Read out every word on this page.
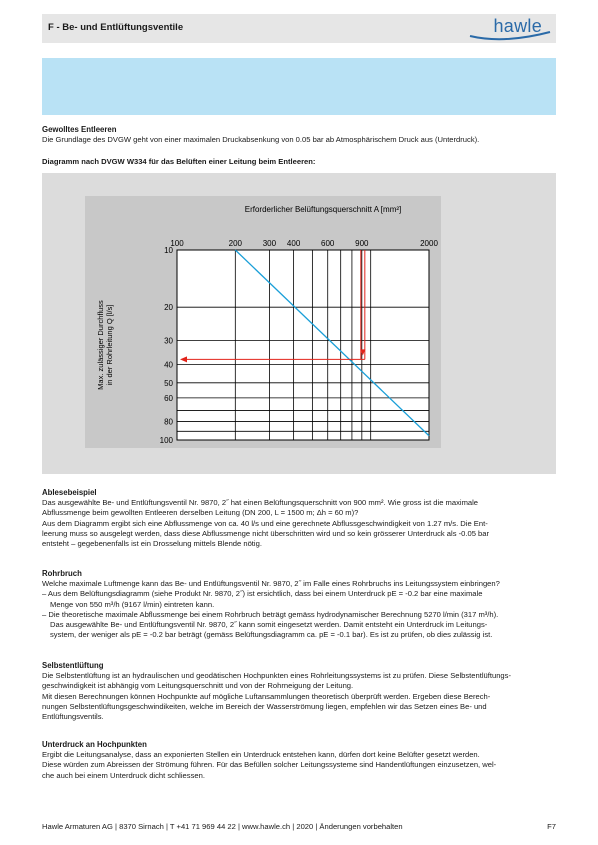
F - Be- und Entlüftungsventile	hawle
Gewolltes Entleeren

Die Grundlage des DVGW geht von einer maximalen Druckabsenkung von 0.05 bar ab Atmosphärischem Druck aus (Unterdruck).

Diagramm nach DVGW W334 für das Belüften einer Leitung beim Entleeren:
100	200	300 400	600	900	2000
10
20
30
40
50
60
80
100
Erforderlicher Belüftungsquerschnitt A [mm²]
Max. zulässiger Durchfluss in der Rohrleitung Q [l/s]
Ablesebeispiel

Das ausgewählte Be- und Entlüftungsventil Nr. 9870, 2˝ hat einen Belüftungsquerschnitt von 900 mm². Wie gross ist die maximale

Abflussmenge beim gewollten Entleeren derselben Leitung (DN 200, L = 1500 m; Δh = 60 m)?

Aus dem Diagramm ergibt sich eine Abflussmenge von ca. 40 l/s und eine gerechnete Abflussgeschwindigkeit von 1.27 m/s. Die Ent-

leerung muss so ausgelegt werden, dass diese Abflussmenge nicht überschritten wird und so kein grösserer Unterdruck als -0.05 bar

entsteht – gegebenenfalls ist ein Drosselung mittels Blende nötig.

Rohrbruch

Welche maximale Luftmenge kann das Be- und Entlüftungsventil Nr. 9870, 2˝ im Falle eines Rohrbruchs ins Leitungssystem einbringen?

– Aus dem Belüftungsdiagramm (siehe Produkt Nr. 9870, 2˝) ist ersichtlich, dass bei einem Unterdruck pE = -0.2 bar eine maximale

Menge von 550 m³/h (9167 l/min) eintreten kann.

– Die theoretische maximale Abflussmenge bei einem Rohrbruch beträgt gemäss hydrodynamischer Berechnung 5270 l/min (317 m³/h).

Das ausgewählte Be- und Entlüftungsventil Nr. 9870, 2˝ kann somit eingesetzt werden. Damit entsteht ein Unterdruck im Leitungs-

system, der weniger als pE = -0.2 bar beträgt (gemäss Belüftungsdiagramm ca. pE = -0.1 bar). Es ist zu prüfen, ob dies zulässig ist.

Selbstentlüftung

Die Selbstentlüftung ist an hydraulischen und geodätischen Hochpunkten eines Rohrleitungssystems ist zu prüfen. Diese Selbstentlüftungs-

geschwindigkeit ist abhängig vom Leitungsquerschnitt und von der Rohrneigung der Leitung.

Mit diesen Berechnungen können Hochpunkte auf mögliche Luftansammlungen theoretisch überprüft werden. Ergeben diese Berech-

nungen Selbstentlüftungsgeschwindikeiten, welche im Bereich der Wasserströmung liegen, empfehlen wir das Setzen eines Be- und

Entlüftungsventils.

Unterdruck an Hochpunkten

Ergibt die Leitungsanalyse, dass an exponierten Stellen ein Unterdruck entstehen kann, dürfen dort keine Belüfter gesetzt werden.

Diese würden zum Abreissen der Strömung führen. Für das Befüllen solcher Leitungssysteme sind Handentlüftungen einzusetzen, wel-

che auch bei einem Unterdruck dicht schliessen.

Hawle Armaturen AG | 8370 Sirnach | T +41 71 969 44 22 | www.hawle.ch | 2020 | Änderungen vorbehalten	F7
